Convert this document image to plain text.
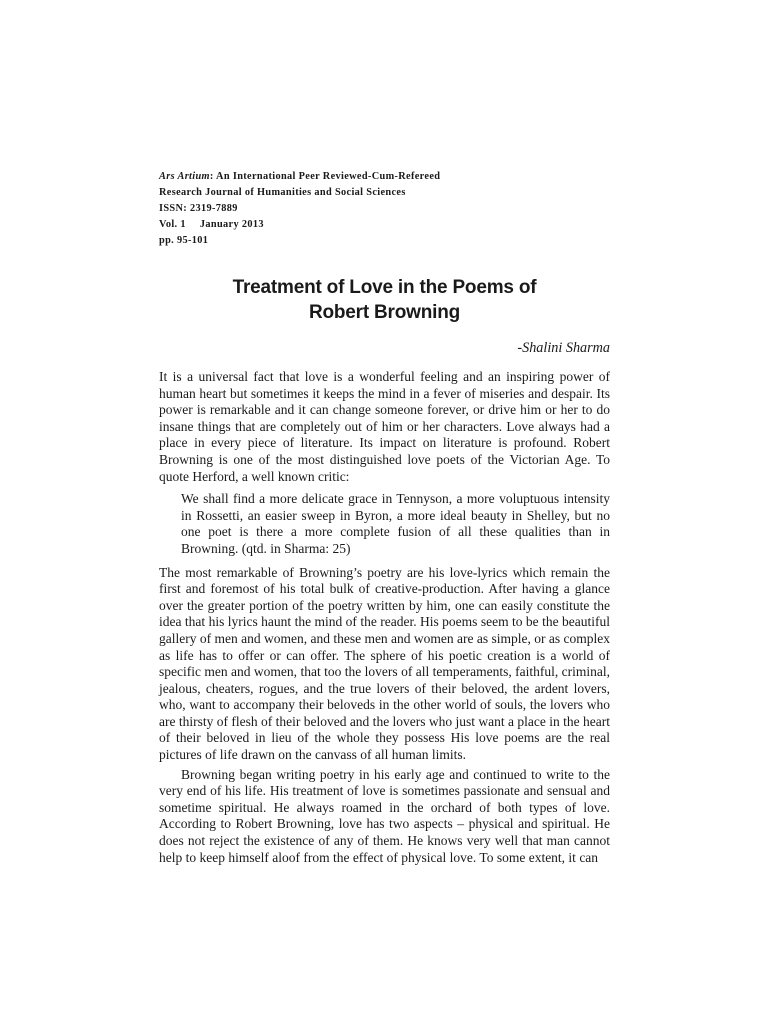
Ars Artium: An International Peer Reviewed-Cum-Refereed
Research Journal of Humanities and Social Sciences
ISSN: 2319-7889
Vol. 1 January 2013
pp. 95-101
Treatment of Love in the Poems of
Robert Browning
-Shalini Sharma

It is a universal fact that love is a wonderful feeling and an inspiring power of human heart but sometimes it keeps the mind in a fever of miseries and despair. Its power is remarkable and it can change someone forever, or drive him or her to do insane things that are completely out of him or her characters. Love always had a place in every piece of literature. Its impact on literature is profound. Robert Browning is one of the most distinguished love poets of the Victorian Age. To quote Herford, a well known critic:

We shall find a more delicate grace in Tennyson, a more voluptuous intensity in Rossetti, an easier sweep in Byron, a more ideal beauty in Shelley, but no one poet is there a more complete fusion of all these qualities than in Browning. (qtd. in Sharma: 25)

The most remarkable of Browning’s poetry are his love-lyrics which remain the first and foremost of his total bulk of creative-production. After having a glance over the greater portion of the poetry written by him, one can easily constitute the idea that his lyrics haunt the mind of the reader. His poems seem to be the beautiful gallery of men and women, and these men and women are as simple, or as complex as life has to offer or can offer. The sphere of his poetic creation is a world of specific men and women, that too the lovers of all temperaments, faithful, criminal, jealous, cheaters, rogues, and the true lovers of their beloved, the ardent lovers, who, want to accompany their beloveds in the other world of souls, the lovers who are thirsty of flesh of their beloved and the lovers who just want a place in the heart of their beloved in lieu of the whole they possess His love poems are the real pictures of life drawn on the canvass of all human limits.

Browning began writing poetry in his early age and continued to write to the very end of his life. His treatment of love is sometimes passionate and sensual and sometime spiritual. He always roamed in the orchard of both types of love. According to Robert Browning, love has two aspects – physical and spiritual. He does not reject the existence of any of them. He knows very well that man cannot help to keep himself aloof from the effect of physical love. To some extent, it can
